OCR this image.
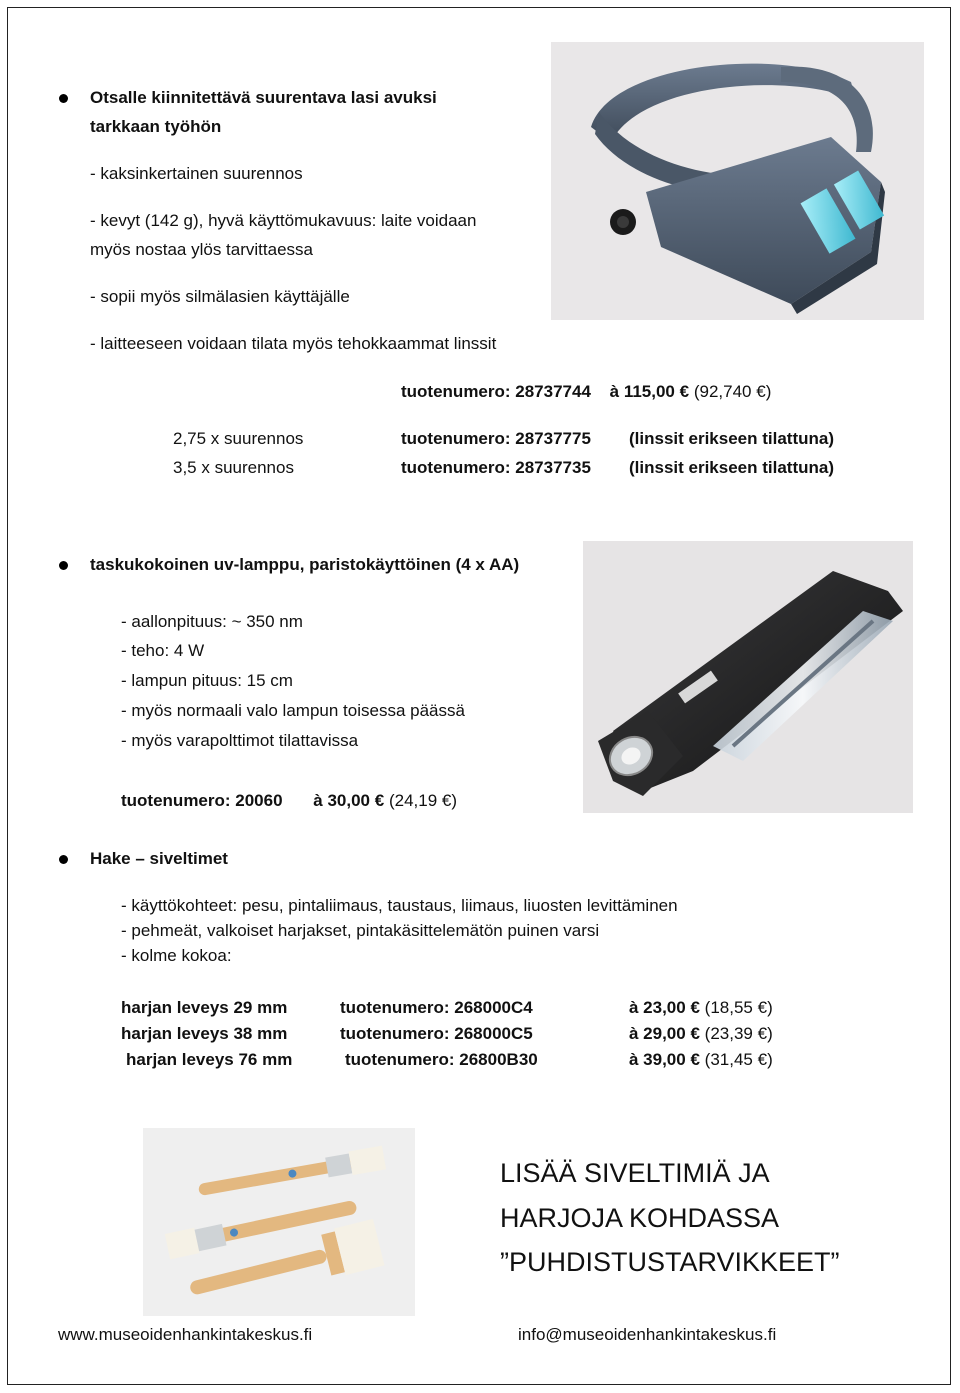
Otsalle kiinnitettävä suurentava lasi avuksi
tarkkaan työhön
- kaksinkertainen suurennos
- kevyt (142 g), hyvä käyttömukavuus: laite voidaan
myös nostaa ylös tarvittaessa
- sopii myös silmälasien käyttäjälle
- laitteeseen voidaan tilata myös tehokkaammat linssit
tuotenumero: 28737744 à 115,00 € (92,740 €)
2,75 x suurennos	tuotenumero: 28737775 (linssit erikseen tilattuna)
3,5 x suurennos	tuotenumero: 28737735 (linssit erikseen tilattuna)
taskukokoinen uv-lamppu, paristokäyttöinen (4 x AA)
- aallonpituus: ~ 350 nm
- teho: 4 W
- lampun pituus: 15 cm
- myös normaali valo lampun toisessa päässä
- myös varapolttimot tilattavissa
tuotenumero: 20060 à 30,00 € (24,19 €)
Hake – siveltimet
- käyttökohteet: pesu, pintaliimaus, taustaus, liimaus, liuosten levittäminen
- pehmeät, valkoiset harjakset, pintakäsittelemätön puinen varsi
- kolme kokoa:
harjan leveys 29 mm	tuotenumero: 268000C4	à 23,00 € (18,55 €)
harjan leveys 38 mm	tuotenumero: 268000C5	à 29,00 € (23,39 €)
harjan leveys 76 mm	tuotenumero: 26800B30	à 39,00 € (31,45 €)
LISÄÄ SIVELTIMIÄ JA
HARJOJA KOHDASSA
”PUHDISTUSTARVIKKEET”
www.museoidenhankintakeskus.fi	info@museoidenhankintakeskus.fi
